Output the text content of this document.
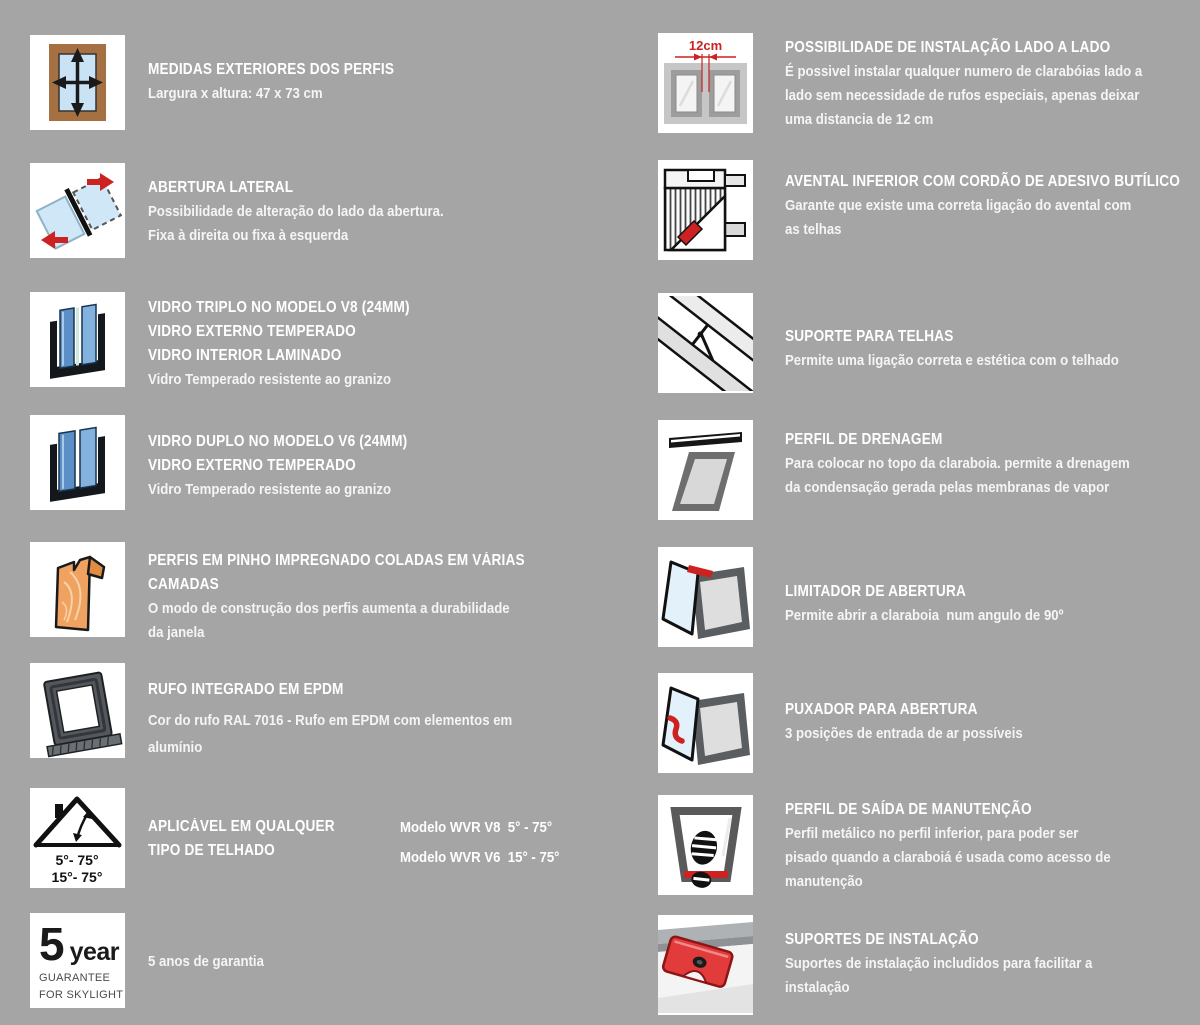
MEDIDAS EXTERIORES DOS PERFIS
Largura x altura: 47 x 73 cm
ABERTURA LATERAL
Possibilidade de alteração do lado da abertura.
Fixa à direita ou fixa à esquerda
VIDRO TRIPLO NO MODELO V8 (24MM)
VIDRO EXTERNO TEMPERADO
VIDRO INTERIOR LAMINADO
Vidro Temperado resistente ao granizo
VIDRO DUPLO NO MODELO V6 (24MM)
VIDRO EXTERNO TEMPERADO
Vidro Temperado resistente ao granizo
PERFIS EM PINHO IMPREGNADO COLADAS EM VÁRIAS
CAMADAS
O modo de construção dos perfis aumenta a durabilidade
da janela
RUFO INTEGRADO EM EPDM
Cor do rufo RAL 7016 - Rufo em EPDM com elementos em
alumínio
5°- 75°
15°- 75°
APLICÁVEL EM QUALQUER
TIPO DE TELHADO
Modelo WVR V8  5° - 75°
Modelo WVR V6  15° - 75°
5 year
GUARANTEE
FOR SKYLIGHT
5 anos de garantia
12cm	POSSIBILIDADE DE INSTALAÇÃO LADO A LADO
É possivel instalar qualquer numero de clarabóias lado a
lado sem necessidade de rufos especiais, apenas deixar
uma distancia de 12 cm
AVENTAL INFERIOR COM CORDÃO DE ADESIVO BUTÍLICO
Garante que existe uma correta ligação do avental com
as telhas
SUPORTE PARA TELHAS
Permite uma ligação correta e estética com o telhado
PERFIL DE DRENAGEM
Para colocar no topo da claraboia. permite a drenagem
da condensação gerada pelas membranas de vapor
LIMITADOR DE ABERTURA
Permite abrir a claraboia  num angulo de 90º
PUXADOR PARA ABERTURA
3 posições de entrada de ar possíveis
PERFIL DE SAÍDA DE MANUTENÇÃO
Perfil metálico no perfil inferior, para poder ser
pisado quando a claraboiá é usada como acesso de
manutenção
SUPORTES DE INSTALAÇÃO
Suportes de instalação includidos para facilitar a
instalação
